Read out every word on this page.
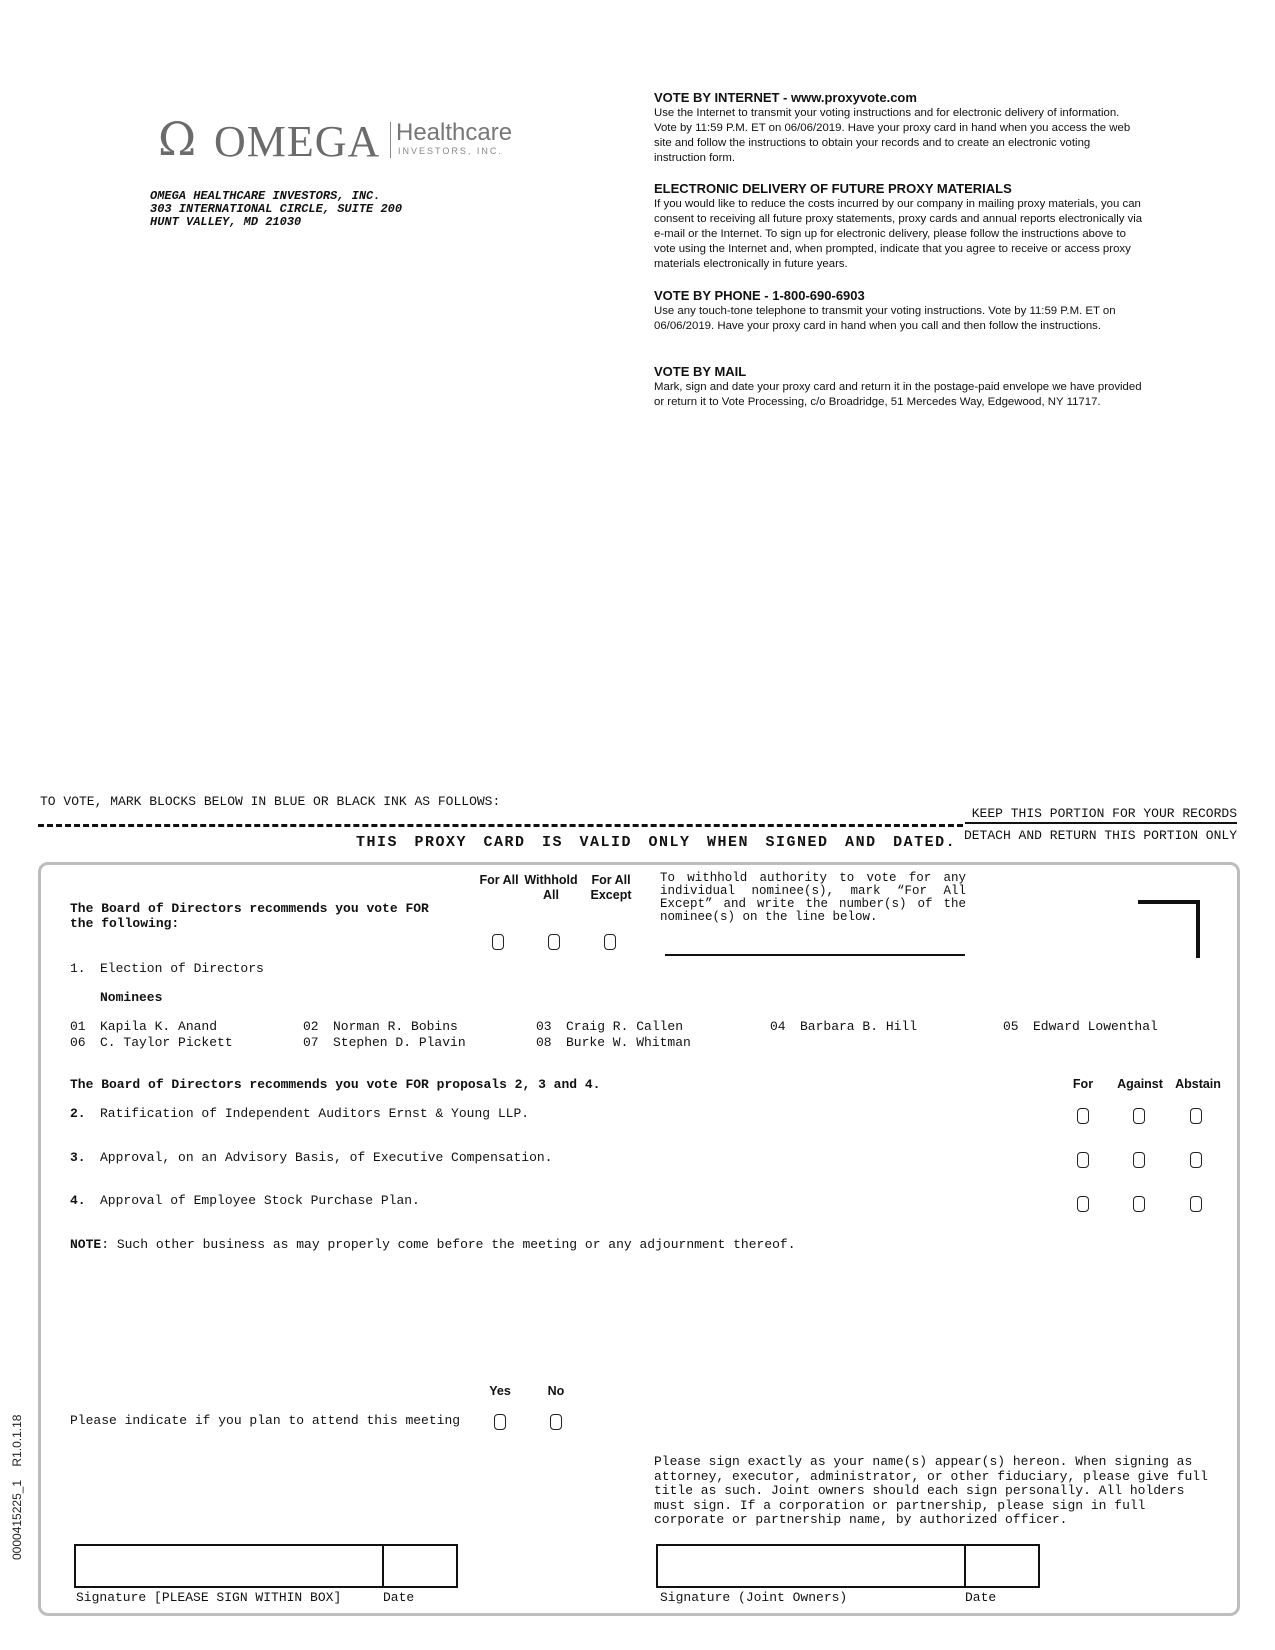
Ω OMEGA Healthcare
INVESTORS, INC.
OMEGA HEALTHCARE INVESTORS, INC.
303 INTERNATIONAL CIRCLE, SUITE 200
HUNT VALLEY, MD 21030
VOTE BY INTERNET - www.proxyvote.com

Use the Internet to transmit your voting instructions and for electronic delivery of information. Vote by 11:59 P.M. ET on 06/06/2019. Have your proxy card in hand when you access the web site and follow the instructions to obtain your records and to create an electronic voting instruction form.

ELECTRONIC DELIVERY OF FUTURE PROXY MATERIALS

If you would like to reduce the costs incurred by our company in mailing proxy materials, you can consent to receiving all future proxy statements, proxy cards and annual reports electronically via e-mail or the Internet. To sign up for electronic delivery, please follow the instructions above to vote using the Internet and, when prompted, indicate that you agree to receive or access proxy materials electronically in future years.

VOTE BY PHONE - 1-800-690-6903

Use any touch-tone telephone to transmit your voting instructions. Vote by 11:59 P.M. ET on 06/06/2019. Have your proxy card in hand when you call and then follow the instructions.

VOTE BY MAIL

Mark, sign and date your proxy card and return it in the postage-paid envelope we have provided or return it to Vote Processing, c/o Broadridge, 51 Mercedes Way, Edgewood, NY 11717.

TO VOTE, MARK BLOCKS BELOW IN BLUE OR BLACK INK AS FOLLOWS:
KEEP THIS PORTION FOR YOUR RECORDS
DETACH AND RETURN THIS PORTION ONLY
THIS PROXY CARD IS VALID ONLY WHEN SIGNED AND DATED.
The Board of Directors recommends you vote FOR the following:
For All Withhold All
For All Except
To withhold authority to vote for any individual nominee(s), mark “For All Except” and write the number(s) of the nominee(s) on the line below.
1. Election of Directors
Nominees
01 Kapila K. Anand	02 Norman R. Bobins	03 Craig R. Callen	04 Barbara B. Hill	05 Edward Lowenthal
06 C. Taylor Pickett	07 Stephen D. Plavin	08 Burke W. Whitman
The Board of Directors recommends you vote FOR proposals 2, 3 and 4.	For	Against Abstain
2. Ratification of Independent Auditors Ernst & Young LLP.
3. Approval, on an Advisory Basis, of Executive Compensation.
4. Approval of Employee Stock Purchase Plan.
NOTE: Such other business as may properly come before the meeting or any adjournment thereof.
Yes	No
Please indicate if you plan to attend this meeting
Please sign exactly as your name(s) appear(s) hereon. When signing as attorney, executor, administrator, or other fiduciary, please give full title as such. Joint owners should each sign personally. All holders must sign. If a corporation or partnership, please sign in full corporate or partnership name, by authorized officer.
Signature [PLEASE SIGN WITHIN BOX]	Date	Signature (Joint Owners)	Date
0000415225_1    R1.0.1.18
